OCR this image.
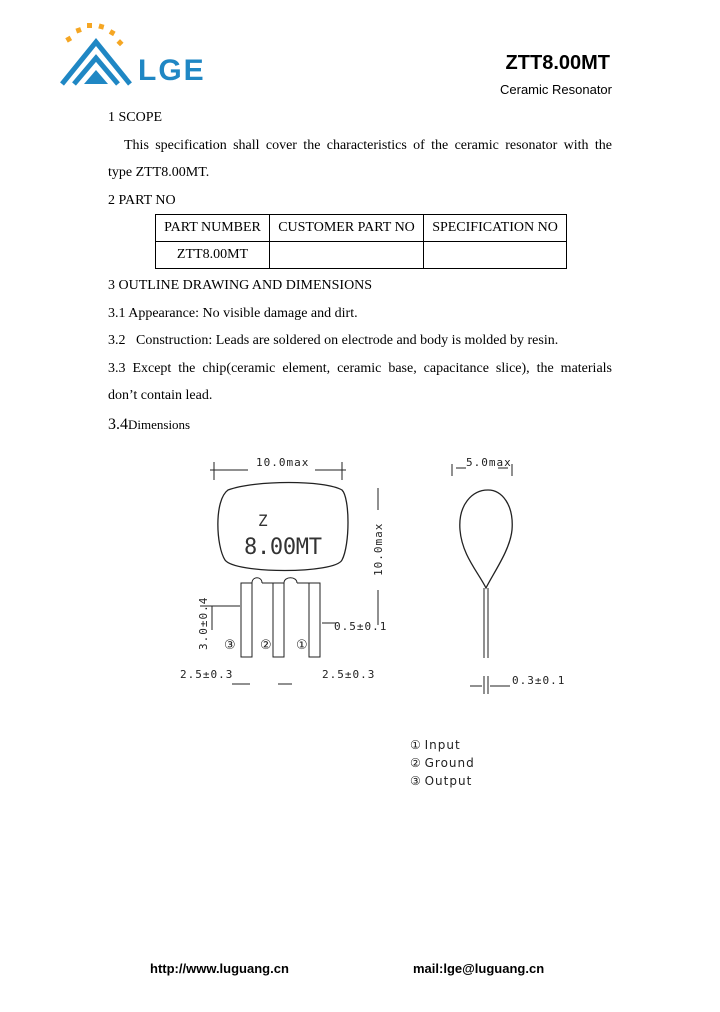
LGE	ZTT8.00MT
Ceramic Resonator
1 SCOPE
This specification shall cover the characteristics of the ceramic resonator with the
type ZTT8.00MT.
2 PART NO
PART NUMBER	CUSTOMER PART NO	SPECIFICATION NO
ZTT8.00MT		
3 OUTLINE DRAWING AND DIMENSIONS
3.1 Appearance: No visible damage and dirt.
3.2   Construction: Leads are soldered on electrode and body is molded by resin.
3.3 Except the chip(ceramic element, ceramic base, capacitance slice), the materials
don’t contain lead.
3.4Dimensions
Z
8.00MT
10.0max	5.0max
10.0max
3.0±0.4	0.5±0.1
2.5±0.3	2.5±0.3	0.3±0.1
③ ② ①
① Input
② Ground
③ Output
http://www.luguang.cn	mail:lge@luguang.cn
